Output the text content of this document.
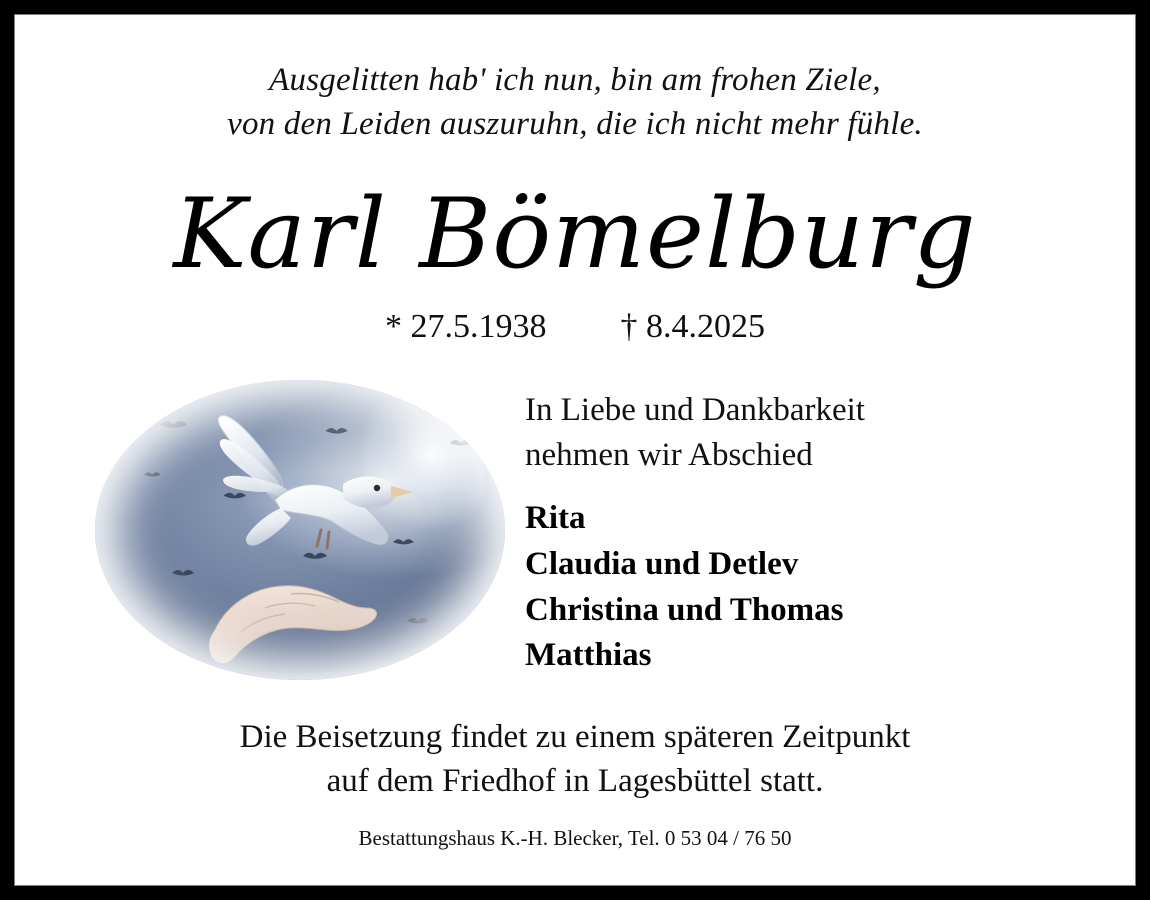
Ausgelitten hab' ich nun, bin am frohen Ziele,
von den Leiden auszuruhn, die ich nicht mehr fühle.
Karl Bömelburg
* 27.5.1938 † 8.4.2025
In Liebe und Dankbarkeit
nehmen wir Abschied
Rita
Claudia und Detlev
Christina und Thomas
Matthias
Die Beisetzung findet zu einem späteren Zeitpunkt
auf dem Friedhof in Lagesbüttel statt.
Bestattungshaus K.-H. Blecker, Tel. 0 53 04 / 76 50
